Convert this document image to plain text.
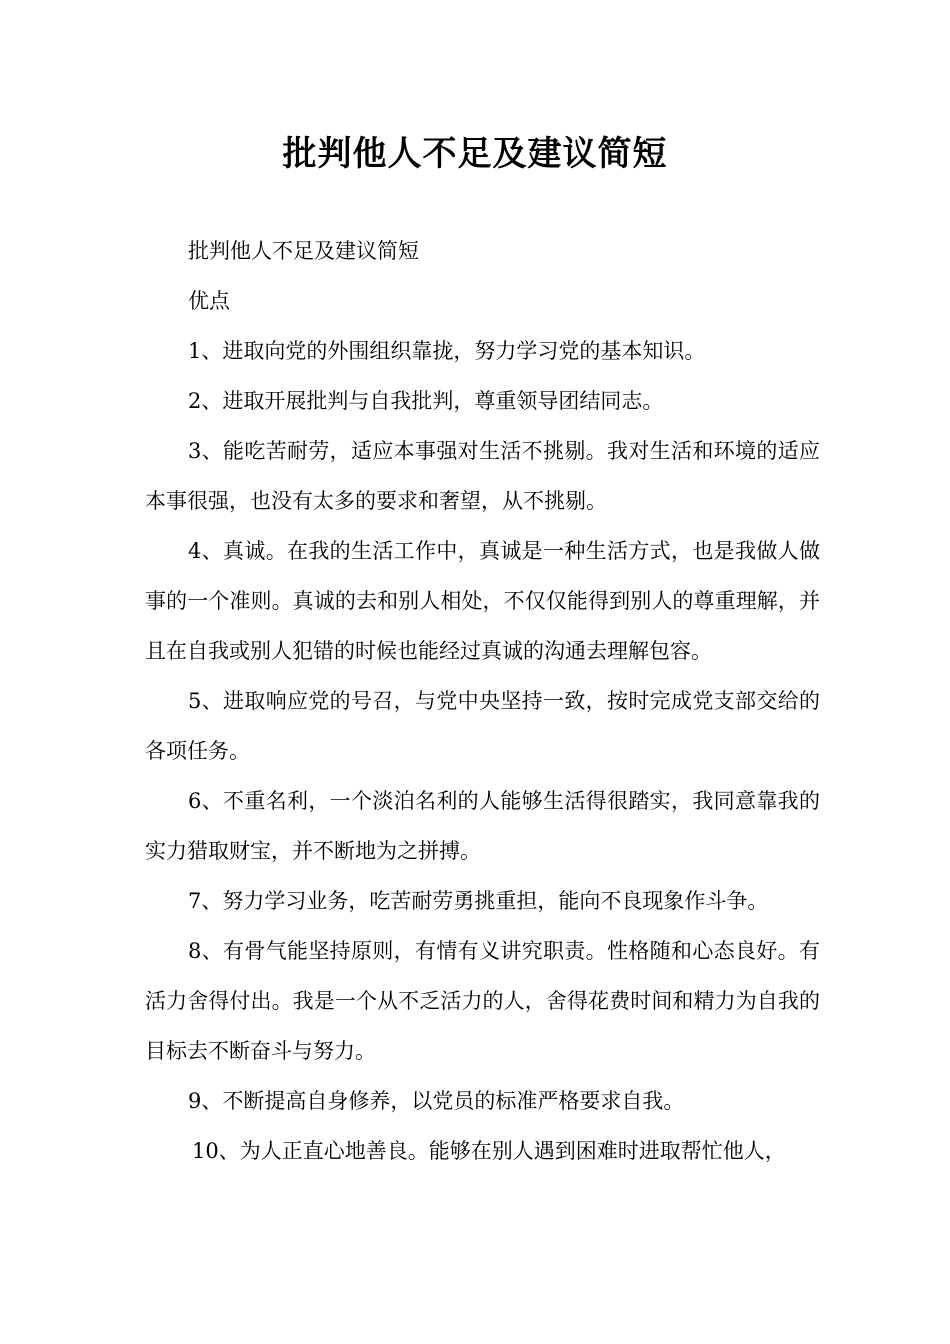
批判他人不足及建议简短

批判他人不足及建议简短

优点

1、进取向党的外围组织靠拢，努力学习党的基本知识。

2、进取开展批判与自我批判，尊重领导团结同志。

3、能吃苦耐劳，适应本事强对生活不挑剔。我对生活和环境的适应本事很强，也没有太多的要求和奢望，从不挑剔。

4、真诚。在我的生活工作中，真诚是一种生活方式，也是我做人做事的一个准则。真诚的去和别人相处，不仅仅能得到别人的尊重理解，并且在自我或别人犯错的时候也能经过真诚的沟通去理解包容。

5、进取响应党的号召，与党中央坚持一致，按时完成党支部交给的各项任务。

6、不重名利，一个淡泊名利的人能够生活得很踏实，我同意靠我的实力猎取财宝，并不断地为之拼搏。

7、努力学习业务，吃苦耐劳勇挑重担，能向不良现象作斗争。

8、有骨气能坚持原则，有情有义讲究职责。性格随和心态良好。有活力舍得付出。我是一个从不乏活力的人，舍得花费时间和精力为自我的目标去不断奋斗与努力。

9、不断提高自身修养，以党员的标准严格要求自我。

10、为人正直心地善良。能够在别人遇到困难时进取帮忙他人，
